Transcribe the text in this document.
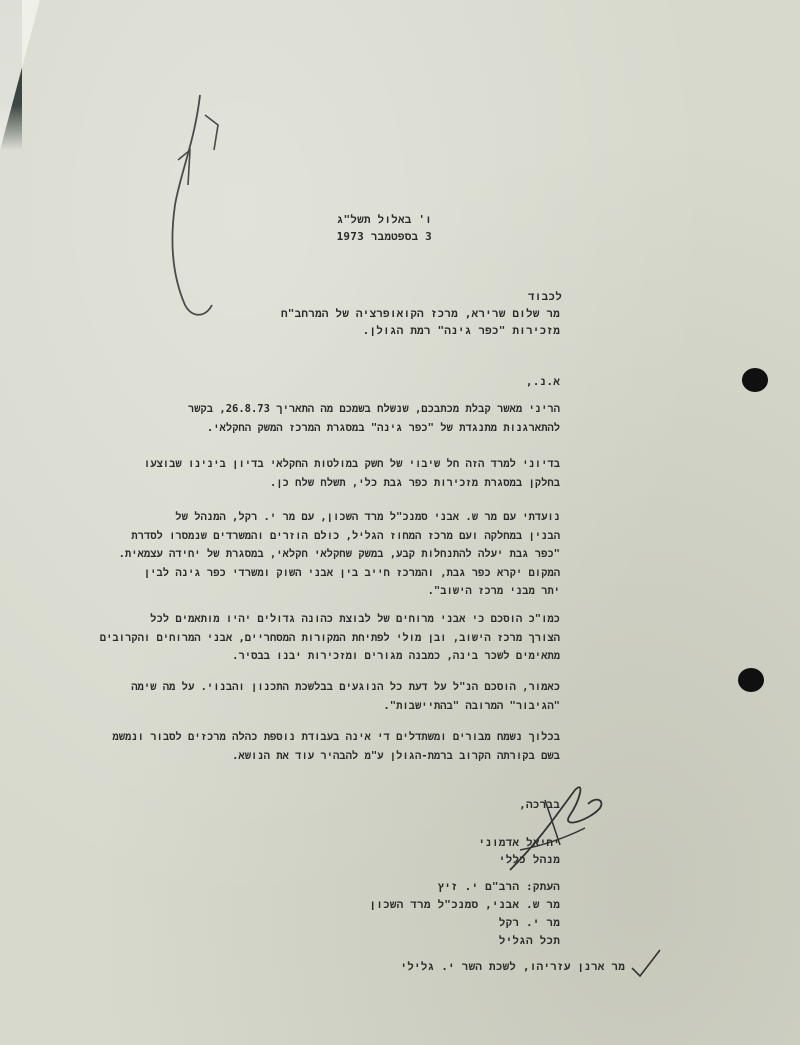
ו' באלול תשל"ג
3 בספטמבר 1973
לכבוד
מר שלום שרירא, מרכז הקואופרציה של המרחב"ח
מזכירות "כפר גינה" רמת הגולן.
א.נ.,
הריני מאשר קבלת מכתבכם, שנשלח בשמכם מה התאריך 26.8.73, בקשר
להתארגנות מתנגדת של "כפר גינה" במסגרת המרכז המשק החקלאי.
בדיוני למרד הזה חל שיבוי של חשק במולטות החקלאי בדיון בינינו שבוצעו
בחלקן במסגרת מזכירות כפר גבת כלי, תשלח שלח כן.
נועדתי עם מר ש. אבני סמנכ"ל מרד השכון, עם מר י. רקל, המנהל של
הבנין במחלקה ועם מרכז המחוז הגליל, כולם הוזרים והמשרדים שנמסרו לסדרת
"כפר גבת יעלה להתנחלות קבע, במשק שחקלאי חקלאי, במסגרת של יחידה עצמאית.
המקום יקרא כפר גבת, והמרכז חייב בין אבני השוק ומשרדי כפר גינה לבין
יתר מבני מרכז הישוב".
כמו"כ הוסכם כי אבני מרוחים של לבוצת כהונה גדולים יהיו מותאמים לכל
הצורך מרכז הישוב, ובן מולי לפתיחת המקורות המסחריים, אבני המרוחים והקרובים
מתאימים לשכר בינה, כמבנה מגורים ומזכירות יבנו בבסיר.
כאמור, הוסכם הנ"ל על דעת כל הנוגעים בבלשכת התכנון והבנוי. על מה שימה
"הגיבור" המרובה "בהתיישבות".
בכלוך נשמח מבורים ומשתדלים די אינה בעבודת נוספת כהלה מרכזים לסבור ונמשמ
בשם בקורתה הקרוב ברמת-הגולן ע"מ להבהיר עוד את הנושא.
בברכה,
יחיאל אדמוני
מנהל כללי
העתק: הרב"ם י. זיץ
מר ש. אבני, סמנכ"ל מרד השכון
מר י. רקל
תכל הגליל
מר ארנן עזריהו, לשכת השר י. גלילי
